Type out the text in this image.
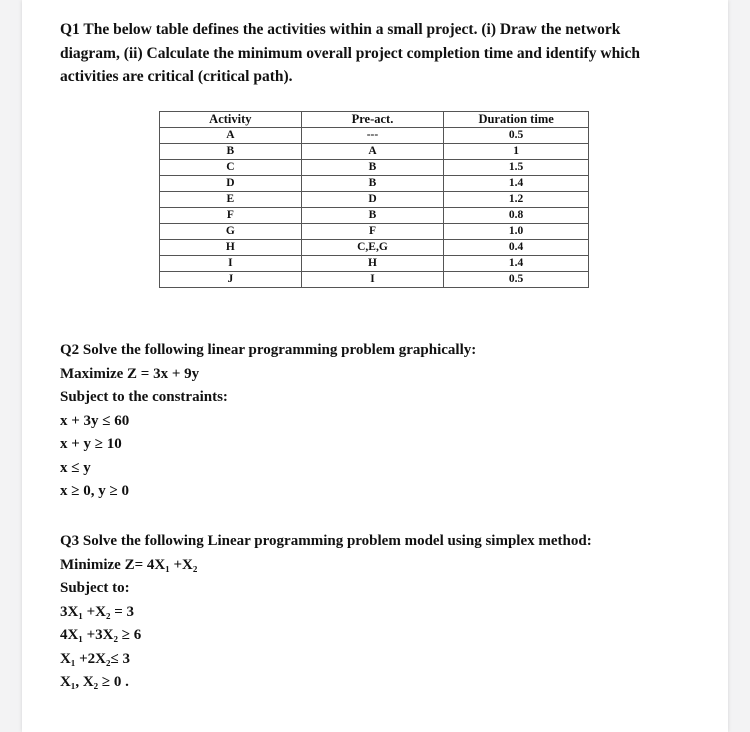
Q1 The below table defines the activities within a small project. (i) Draw the network
diagram, (ii) Calculate the minimum overall project completion time and identify which
activities are critical (critical path).
Activity	Pre-act.	Duration time
A	---	0.5
B	A	1
C	B	1.5
D	B	1.4
E	D	1.2
F	B	0.8
G	F	1.0
H	C,E,G	0.4
I	H	1.4
J	I	0.5
Q2 Solve the following linear programming problem graphically:
Maximize Z = 3x + 9y
Subject to the constraints:
x + 3y ≤ 60
x + y ≥ 10
x ≤ y
x ≥ 0, y ≥ 0
Q3 Solve the following Linear programming problem model using simplex method:
Minimize Z= 4X₁ +X₂
Subject to:
3X₁ +X₂ = 3
4X₁ +3X₂ ≥ 6
X₁ +2X₂≤ 3
X₁, X₂ ≥ 0 .
